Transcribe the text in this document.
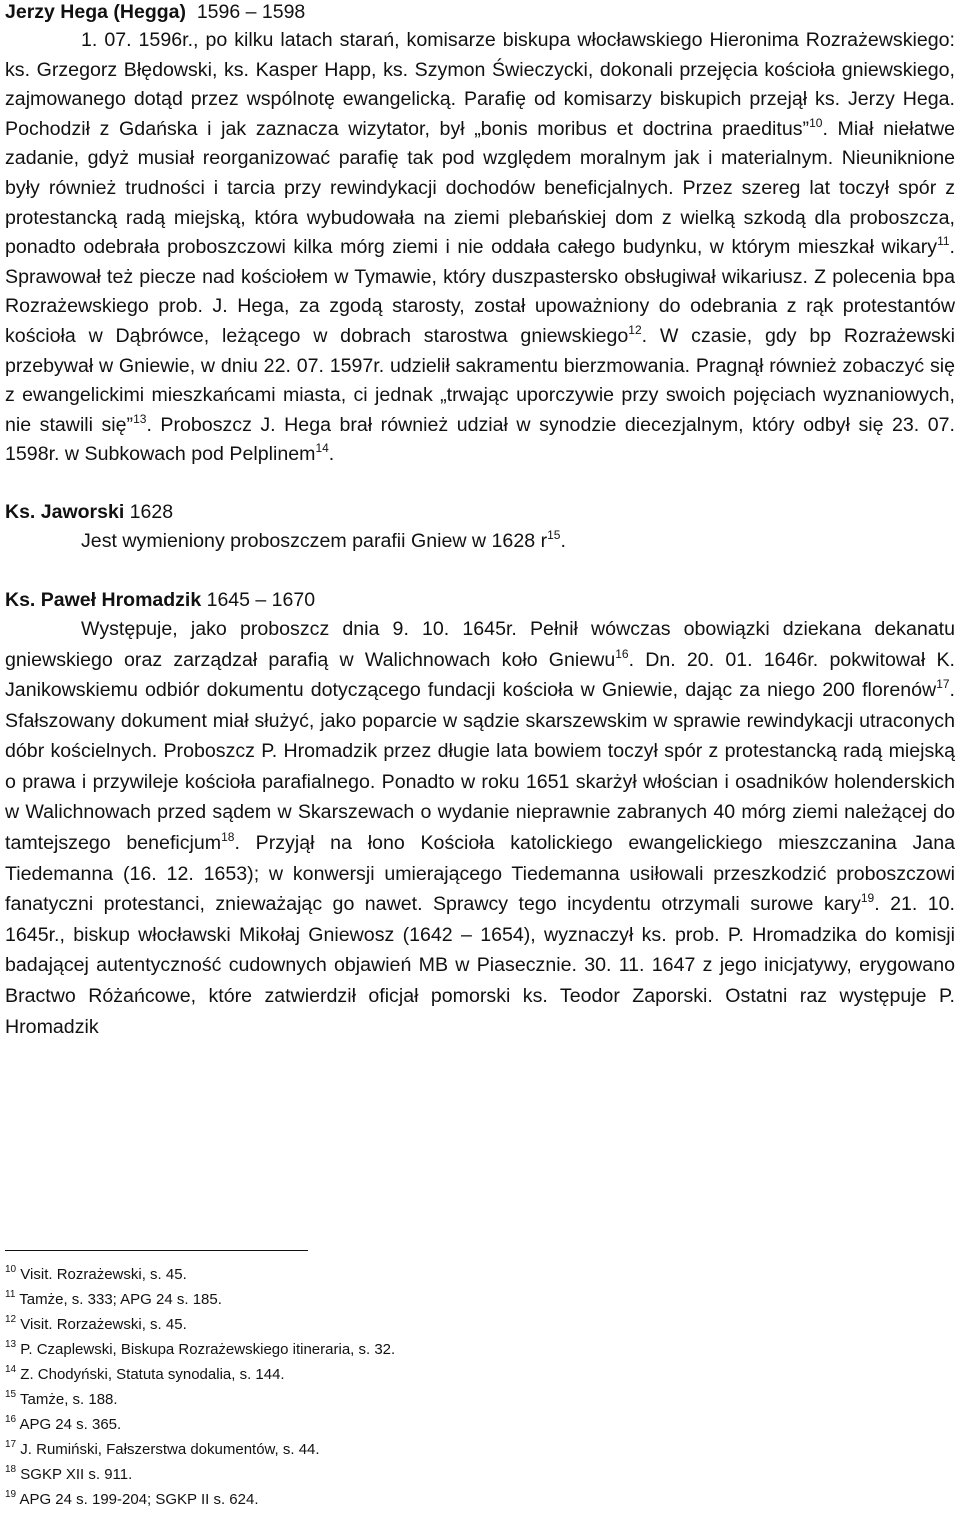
Jerzy Hega (Hegga) 1596 – 1598

1. 07. 1596r., po kilku latach starań, komisarze biskupa włocławskiego Hieronima Rozrażewskiego: ks. Grzegorz Błędowski, ks. Kasper Happ, ks. Szymon Świeczycki, dokonali przejęcia kościoła gniewskiego, zajmowanego dotąd przez wspólnotę ewangelicką. Parafię od komisarzy biskupich przejął ks. Jerzy Hega. Pochodził z Gdańska i jak zaznacza wizytator, był „bonis moribus et doctrina praeditus”$^{10}$. Miał niełatwe zadanie, gdyż musiał reorganizować parafię tak pod względem moralnym jak i materialnym. Nieuniknione były również trudności i tarcia przy rewindykacji dochodów beneficjalnych. Przez szereg lat toczył spór z protestancką radą miejską, która wybudowała na ziemi plebańskiej dom z wielką szkodą dla proboszcza, ponadto odebrała proboszczowi kilka mórg ziemi i nie oddała całego budynku, w którym mieszkał wikary$^{11}$. Sprawował też piecze nad kościołem w Tymawie, który duszpastersko obsługiwał wikariusz. Z polecenia bpa Rozrażewskiego prob. J. Hega, za zgodą starosty, został upoważniony do odebrania z rąk protestantów kościoła w Dąbrówce, leżącego w dobrach starostwa gniewskiego$^{12}$. W czasie, gdy bp Rozrażewski przebywał w Gniewie, w dniu 22. 07. 1597r. udzielił sakramentu bierzmowania. Pragnął również zobaczyć się z ewangelickimi mieszkańcami miasta, ci jednak „trwając uporczywie przy swoich pojęciach wyznaniowych, nie stawili się”$^{13}$. Proboszcz J. Hega brał również udział w synodzie diecezjalnym, który odbył się 23. 07. 1598r. w Subkowach pod Pelplinem$^{14}$.

Ks. Jaworski 1628

Jest wymieniony proboszczem parafii Gniew w 1628 $r^{15}$.

Ks. Paweł Hromadzik 1645 – 1670

Występuje, jako proboszcz dnia 9. 10. 1645r. Pełnił wówczas obowiązki dziekana dekanatu gniewskiego oraz zarządzał parafią w Walichnowach koło Gniewu$^{16}$. Dn. 20. 01. 1646r. pokwitował K. Janikowskiemu odbiór dokumentu dotyczącego fundacji kościoła w Gniewie, dając za niego 200 florenów$^{17}$. Sfałszowany dokument miał służyć, jako poparcie w sądzie skarszewskim w sprawie rewindykacji utraconych dóbr kościelnych. Proboszcz P. Hromadzik przez długie lata bowiem toczył spór z protestancką radą miejską o prawa i przywileje kościoła parafialnego. Ponadto w roku 1651 skarżył włościan i osadników holenderskich w Walichnowach przed sądem w Skarszewach o wydanie nieprawnie zabranych 40 mórg ziemi należącej do tamtejszego beneficjum$^{18}$. Przyjął na łono Kościoła katolickiego ewangelickiego mieszczanina Jana Tiedemanna (16. 12. 1653); w konwersji umierającego Tiedemanna usiłowali przeszkodzić proboszczowi fanatyczni protestanci, znieważając go nawet. Sprawcy tego incydentu otrzymali surowe kary$^{19}$. 21. 10. 1645r., biskup włocławski Mikołaj Gniewosz (1642 – 1654), wyznaczył ks. prob. P. Hromadzika do komisji badającej autentyczność cudownych objawień MB w Piasecznie. 30. 11. 1647 z jego inicjatywy, erygowano Bractwo Różańcowe, które zatwierdził oficjał pomorski ks. Teodor Zaporski. Ostatni raz występuje P. Hromadzik

$^{10}$ Visit. Rozrażewski, s. 45.
$^{11}$ Tamże, s. 333; APG 24 s. 185.
$^{12}$ Visit. Rorzażewski, s. 45.
$^{13}$ P. Czaplewski, Biskupa Rozrażewskiego itineraria, s. 32.
$^{14}$ Z. Chodyński, Statuta synodalia, s. 144.
$^{15}$ Tamże, s. 188.
$^{16}$ APG 24 s. 365.
$^{17}$ J. Rumiński, Fałszerstwa dokumentów, s. 44.
$^{18}$ SGKP XII s. 911.
$^{19}$ APG 24 s. 199-204; SGKP II s. 624.
